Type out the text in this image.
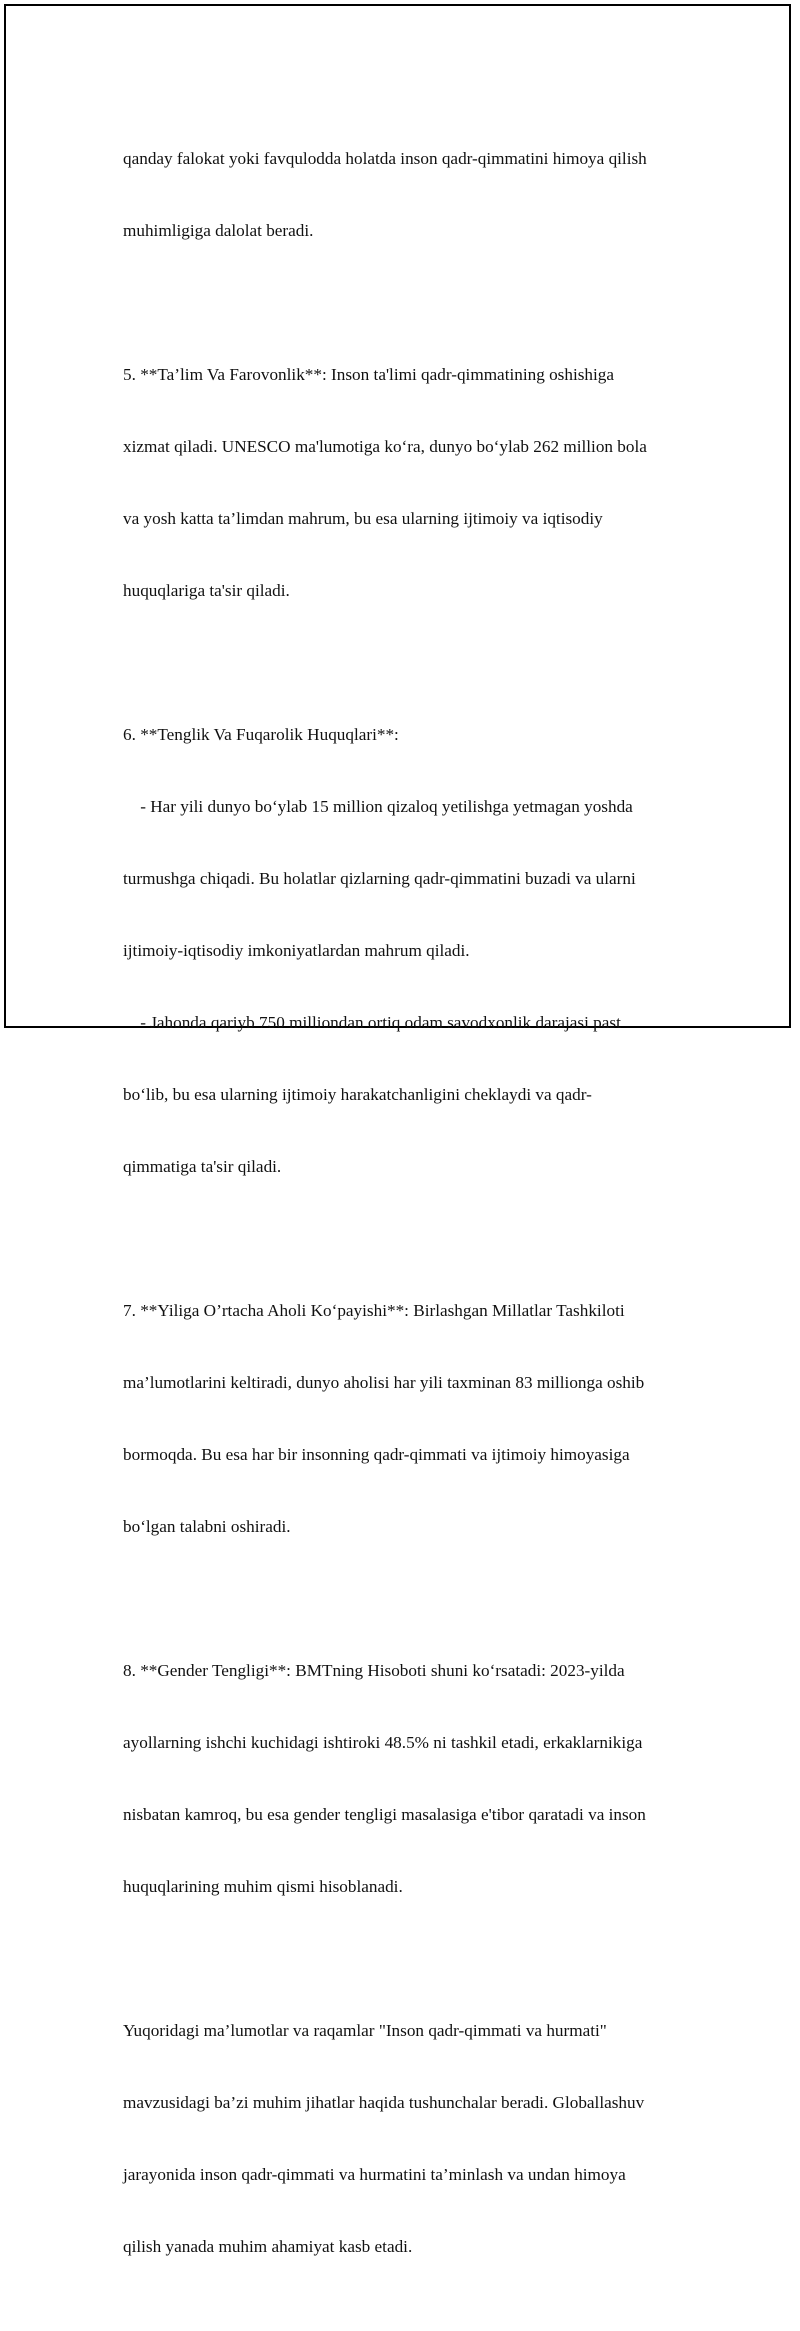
qanday falokat yoki favqulodda holatda inson qadr-qimmatini himoya qilish

muhimligiga dalolat beradi.

5. **Ta’lim Va Farovonlik**: Inson ta'limi qadr-qimmatining oshishiga

xizmat qiladi. UNESCO ma'lumotiga ko‘ra, dunyo bo‘ylab 262 million bola

va yosh katta ta’limdan mahrum, bu esa ularning ijtimoiy va iqtisodiy

huquqlariga ta'sir qiladi.

6. **Tenglik Va Fuqarolik Huquqlari**:

- Har yili dunyo bo‘ylab 15 million qizaloq yetilishga yetmagan yoshda

turmushga chiqadi. Bu holatlar qizlarning qadr-qimmatini buzadi va ularni

ijtimoiy-iqtisodiy imkoniyatlardan mahrum qiladi.

- Jahonda qariyb 750 milliondan ortiq odam savodxonlik darajasi past

bo‘lib, bu esa ularning ijtimoiy harakatchanligini cheklaydi va qadr-

qimmatiga ta'sir qiladi.

7. **Yiliga O’rtacha Aholi Ko‘payishi**: Birlashgan Millatlar Tashkiloti

ma’lumotlarini keltiradi, dunyo aholisi har yili taxminan 83 millionga oshib

bormoqda. Bu esa har bir insonning qadr-qimmati va ijtimoiy himoyasiga

bo‘lgan talabni oshiradi.

8. **Gender Tengligi**: BMTning Hisoboti shuni ko‘rsatadi: 2023-yilda

ayollarning ishchi kuchidagi ishtiroki 48.5% ni tashkil etadi, erkaklarnikiga

nisbatan kamroq, bu esa gender tengligi masalasiga e'tibor qaratadi va inson

huquqlarining muhim qismi hisoblanadi.

Yuqoridagi ma’lumotlar va raqamlar "Inson qadr-qimmati va hurmati"

mavzusidagi ba’zi muhim jihatlar haqida tushunchalar beradi. Globallashuv

jarayonida inson qadr-qimmati va hurmatini ta’minlash va undan himoya

qilish yanada muhim ahamiyat kasb etadi.
